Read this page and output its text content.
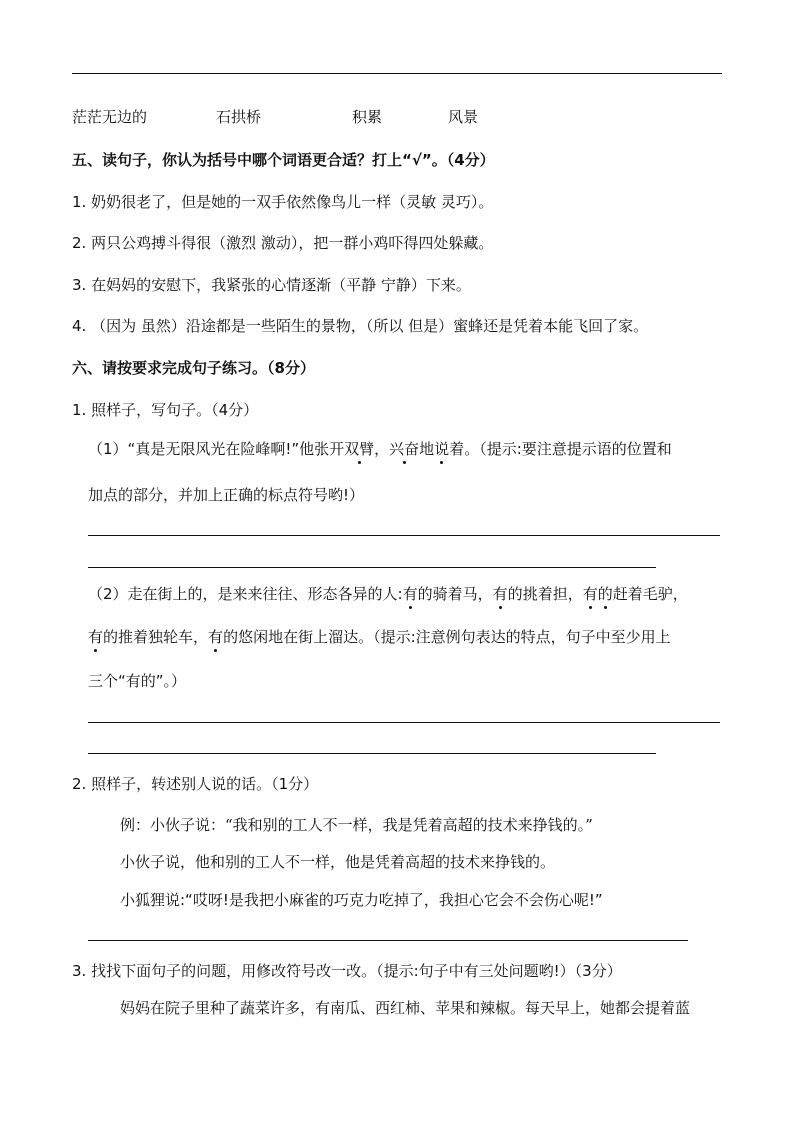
茫茫无边的	石拱桥	积累	风景
五、读句子，你认为括号中哪个词语更合适？打上“√”。（4分）
1. 奶奶很老了，但是她的一双手依然像鸟儿一样（灵敏 灵巧）。
2. 两只公鸡搏斗得很（激烈 激动），把一群小鸡吓得四处躲藏。
3. 在妈妈的安慰下，我紧张的心情逐渐（平静 宁静）下来。
4. （因为 虽然）沿途都是一些陌生的景物，（所以 但是）蜜蜂还是凭着本能飞回了家。
六、请按要求完成句子练习。（8分）
1. 照样子，写句子。（4分）
（1）“真是无限风光在险峰啊!”他张开双臂，兴奋地说着。（提示:要注意提示语的位置和
加点的部分，并加上正确的标点符号哟!）
（2）走在街上的，是来来往往、形态各异的人:有的骑着马，有的挑着担，有的赶着毛驴，
有的推着独轮车，有的悠闲地在街上溜达。（提示:注意例句表达的特点，句子中至少用上
三个“有的”。）
2. 照样子，转述别人说的话。（1分）
例：小伙子说：“我和别的工人不一样，我是凭着高超的技术来挣钱的。”
小伙子说，他和别的工人不一样，他是凭着高超的技术来挣钱的。
小狐狸说:“哎呀!是我把小麻雀的巧克力吃掉了，我担心它会不会伤心呢!”
3. 找找下面句子的问题，用修改符号改一改。（提示:句子中有三处问题哟!）（3分）
妈妈在院子里种了蔬菜许多，有南瓜、西红柿、苹果和辣椒。每天早上，她都会提着蓝
